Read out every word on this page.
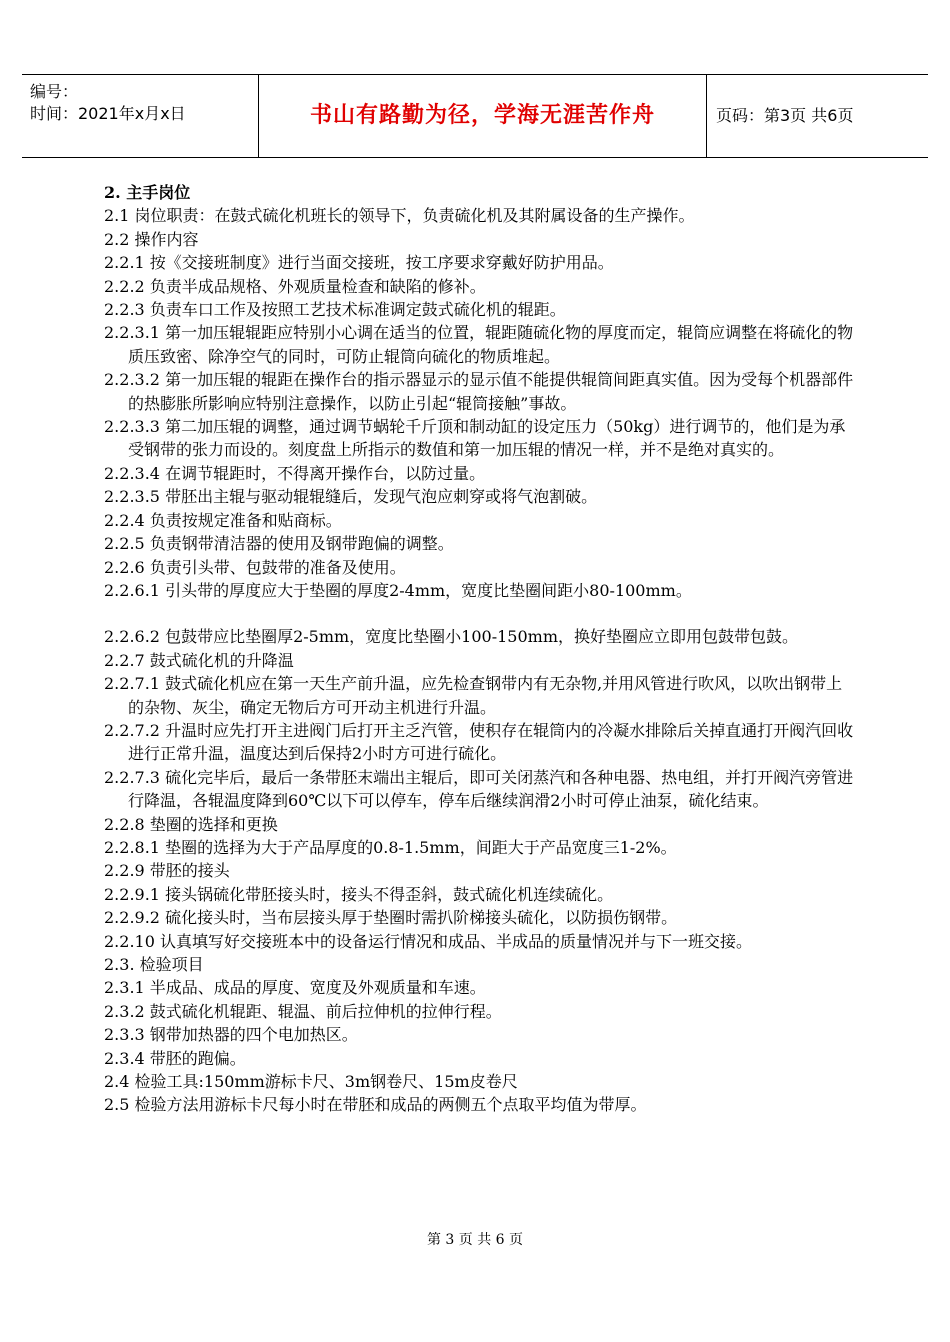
编号：
时间：2021年x月x日	书山有路勤为径，学海无涯苦作舟	页码：第3页 共6页
2. 主手岗位
2.1 岗位职责：在鼓式硫化机班长的领导下，负责硫化机及其附属设备的生产操作。
2.2 操作内容
2.2.1 按《交接班制度》进行当面交接班，按工序要求穿戴好防护用品。
2.2.2 负责半成品规格、外观质量检查和缺陷的修补。
2.2.3 负责车口工作及按照工艺技术标准调定鼓式硫化机的辊距。
2.2.3.1 第一加压辊辊距应特别小心调在适当的位置，辊距随硫化物的厚度而定，辊筒应调整在将硫化的物质压致密、除净空气的同时，可防止辊筒向硫化的物质堆起。
2.2.3.2 第一加压辊的辊距在操作台的指示器显示的显示值不能提供辊筒间距真实值。因为受每个机器部件的热膨胀所影响应特别注意操作，以防止引起“辊筒接触”事故。
2.2.3.3 第二加压辊的调整，通过调节蜗轮千斤顶和制动缸的设定压力（50kg）进行调节的，他们是为承受钢带的张力而设的。刻度盘上所指示的数值和第一加压辊的情况一样，并不是绝对真实的。
2.2.3.4 在调节辊距时，不得离开操作台，以防过量。
2.2.3.5 带胚出主辊与驱动辊辊缝后，发现气泡应刺穿或将气泡割破。
2.2.4 负责按规定准备和贴商标。
2.2.5 负责钢带清洁器的使用及钢带跑偏的调整。
2.2.6 负责引头带、包鼓带的准备及使用。
2.2.6.1 引头带的厚度应大于垫圈的厚度2-4mm，宽度比垫圈间距小80-100mm。
2.2.6.2 包鼓带应比垫圈厚2-5mm，宽度比垫圈小100-150mm，换好垫圈应立即用包鼓带包鼓。
2.2.7 鼓式硫化机的升降温
2.2.7.1 鼓式硫化机应在第一天生产前升温，应先检查钢带内有无杂物,并用风管进行吹风，以吹出钢带上的杂物、灰尘，确定无物后方可开动主机进行升温。
2.2.7.2 升温时应先打开主进阀门后打开主乏汽管，使积存在辊筒内的冷凝水排除后关掉直通打开阀汽回收进行正常升温，温度达到后保持2小时方可进行硫化。
2.2.7.3 硫化完毕后，最后一条带胚末端出主辊后，即可关闭蒸汽和各种电器、热电组，并打开阀汽旁管进行降温，各辊温度降到60℃以下可以停车，停车后继续润滑2小时可停止油泵，硫化结束。
2.2.8 垫圈的选择和更换
2.2.8.1 垫圈的选择为大于产品厚度的0.8-1.5mm，间距大于产品宽度三1-2%。
2.2.9 带胚的接头
2.2.9.1 接头锅硫化带胚接头时，接头不得歪斜，鼓式硫化机连续硫化。
2.2.9.2 硫化接头时，当布层接头厚于垫圈时需扒阶梯接头硫化，以防损伤钢带。
2.2.10 认真填写好交接班本中的设备运行情况和成品、半成品的质量情况并与下一班交接。
2.3. 检验项目
2.3.1 半成品、成品的厚度、宽度及外观质量和车速。
2.3.2 鼓式硫化机辊距、辊温、前后拉伸机的拉伸行程。
2.3.3 钢带加热器的四个电加热区。
2.3.4 带胚的跑偏。
2.4 检验工具:150mm游标卡尺、3m钢卷尺、15m皮卷尺
2.5 检验方法用游标卡尺每小时在带胚和成品的两侧五个点取平均值为带厚。
第 3 页 共 6 页
